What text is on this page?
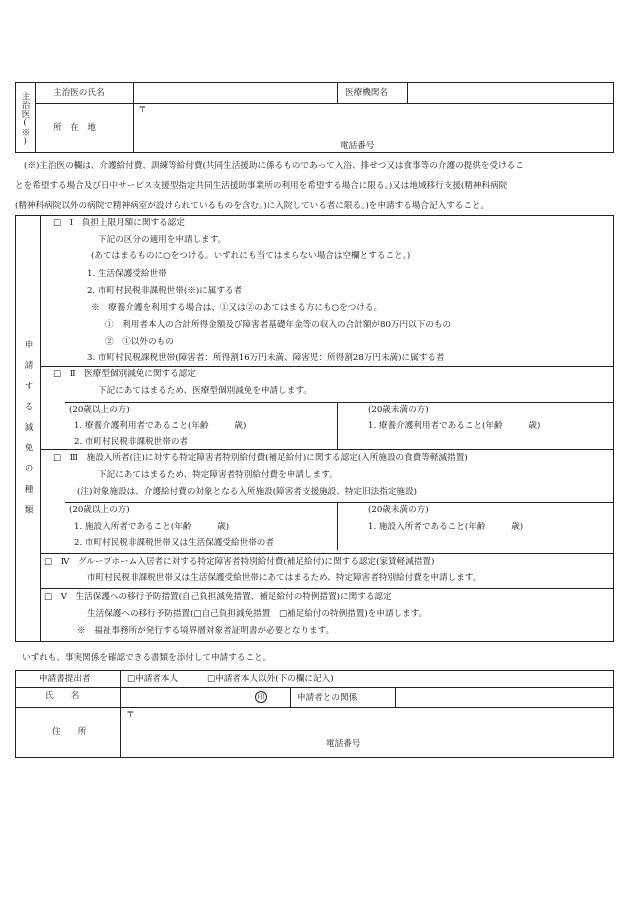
主治医(※)	主治医の氏名	医療機関名
所　在　地
〒
電話番号
(※)主治医の欄は、介護給付費、訓練等給付費(共同生活援助に係るものであって入浴、排せつ又は食事等の介護の提供を受けるこ
とを希望する場合及び日中サービス支援型指定共同生活援助事業所の利用を希望する場合に限る。)又は地域移行支援(精神科病院
(精神科病院以外の病院で精神病室が設けられているものを含む。)に入院している者に限る。)を申請する場合記入すること。
申請する減免の種類
□　Ⅰ　負担上限月額に関する認定
下記の区分の適用を申請します。
(あてはまるものに○をつける。いずれにも当てはまらない場合は空欄とすること。)
1. 生活保護受給世帯
2. 市町村民税非課税世帯(※)に属する者
※　療養介護を利用する場合は、①又は②のあてはまる方にも○をつける。
①　利用者本人の合計所得金額及び障害者基礎年金等の収入の合計額が80万円以下のもの
②　①以外のもの
3. 市町村民税課税世帯(障害者：所得割16万円未満、障害児：所得割28万円未満)に属する者
□　Ⅱ　医療型個別減免に関する認定
下記にあてはまるため、医療型個別減免を申請します。
(20歳以上の方)
1. 療養介護利用者であること(年齢　　　歳)
2. 市町村民税非課税世帯の者
(20歳未満の方)
1. 療養介護利用者であること(年齢　　　歳)
□　Ⅲ　施設入所者(注)に対する特定障害者特別給付費(補足給付)に関する認定(入所施設の食費等軽減措置)
下記にあてはまるため、特定障害者特別給付費を申請します。
(注)対象施設は、介護給付費の対象となる入所施設(障害者支援施設、特定旧法指定施設)
(20歳以上の方)
1. 施設入所者であること(年齢　　　歳)
2. 市町村民税非課税世帯又は生活保護受給世帯の者
(20歳未満の方)
1. 施設入所者であること(年齢　　　歳)
□　Ⅳ　グループホーム入居者に対する特定障害者特別給付費(補足給付)に関する認定(家賃軽減措置)
市町村民税非課税世帯又は生活保護受給世帯にあてはまるため、特定障害者特別給付費を申請します。
□　Ⅴ　生活保護への移行予防措置(自己負担減免措置、補足給付の特例措置)に関する認定
生活保護への移行予防措置(□自己負担減免措置　□補足給付の特例措置)を申請します。
※　福祉事務所が発行する境界層対象者証明書が必要となります。
いずれも、事実関係を確認できる書類を添付して申請すること。
申請書提出者	□申請者本人	□申請者本人以外(下の欄に記入)
氏　　名	印	申請者との関係
住　　所
〒
電話番号
